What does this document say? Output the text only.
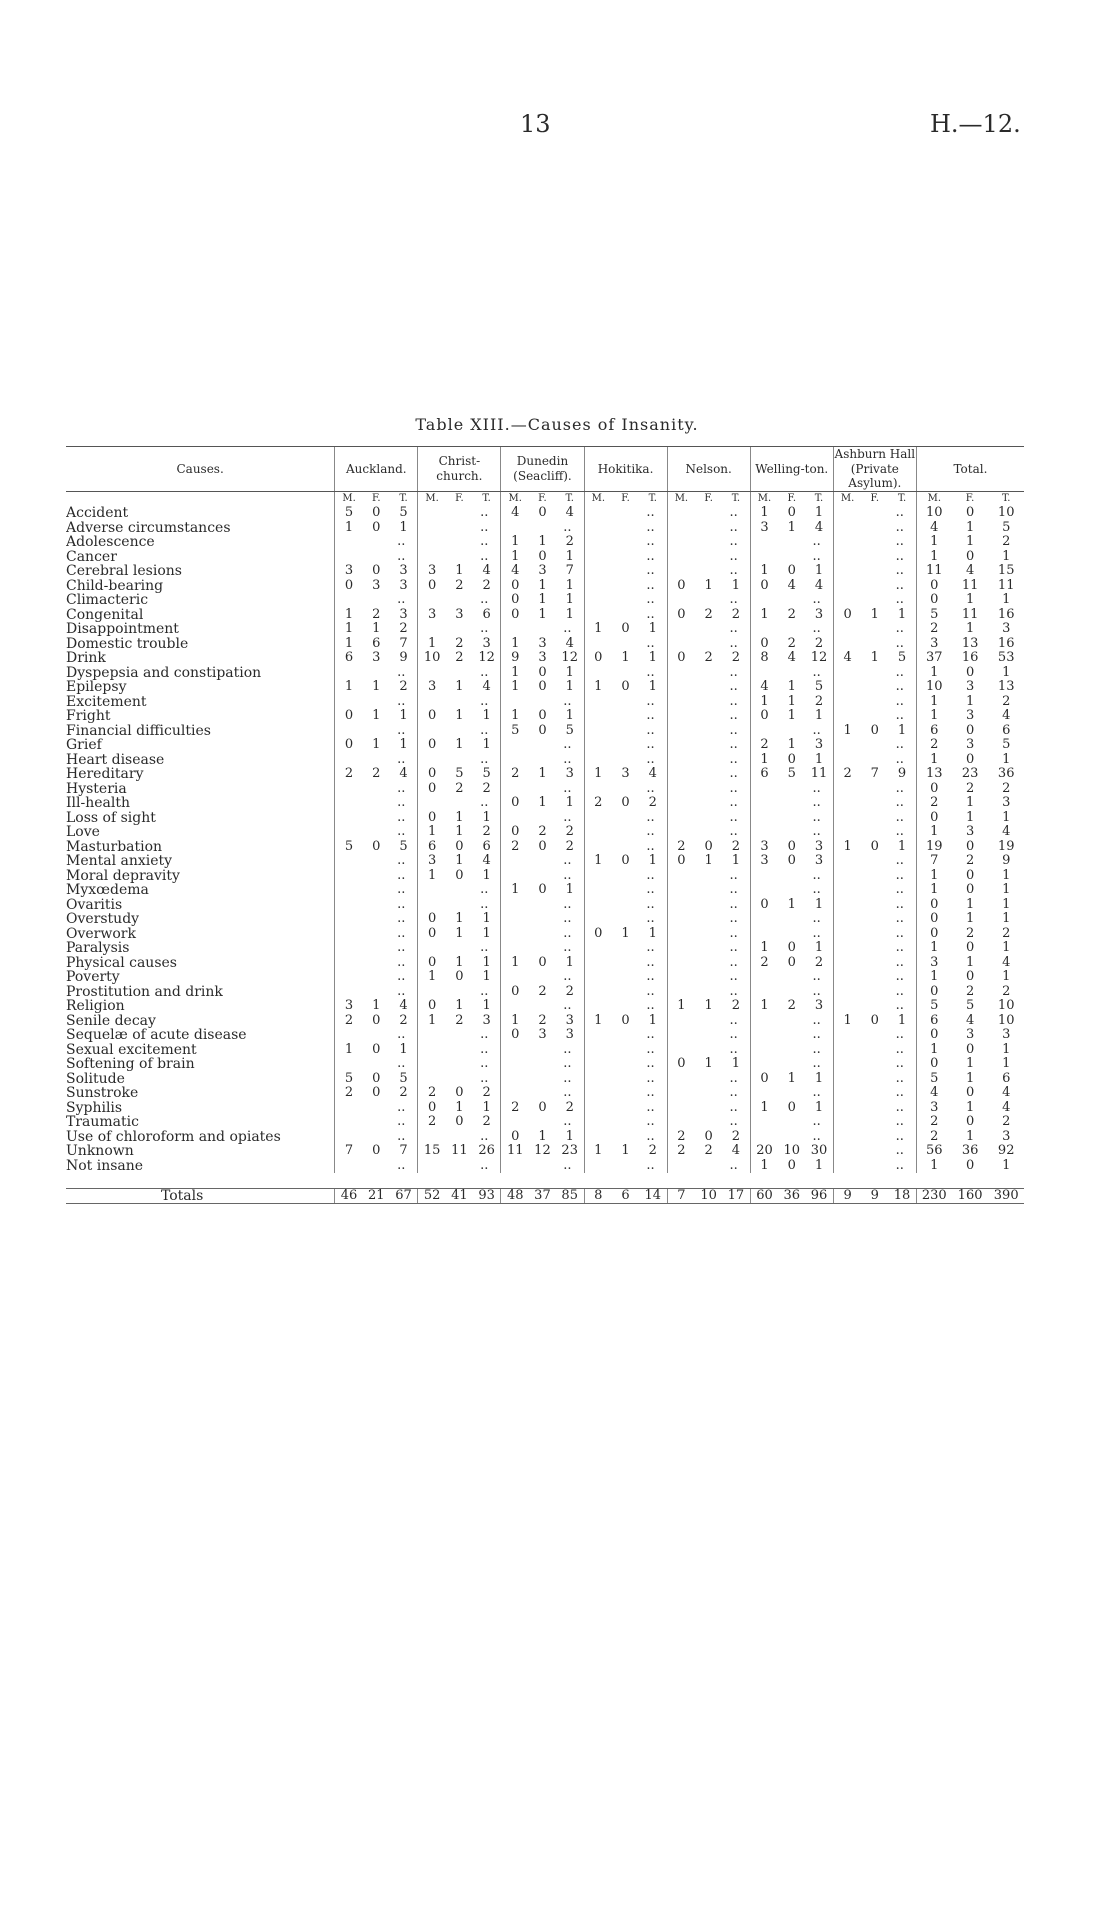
13	H.—12.
Table XIII.—Causes of Insanity.
Causes.	Auckland.			Christ-church.			Dunedin (Seacliff).			Hokitika.			Nelson.			Welling-ton.			Ashburn Hall (Private Asylum).			Total.		
	M.	F.	T.	M.	F.	T.	M.	F.	T.	M.	F.	T.	M.	F.	T.	M.	F.	T.	M.	F.	T.	M.	F.	T.
Accident	5	0	5	..			4	0	4	..			..			1	0	1	..			10	0	10
Adverse circumstances	1	0	1	..			..			..			..			3	1	4	..			4	1	5
Adolescence	..			..			1	1	2	..			..			..			..			1	1	2
Cancer	..			..			1	0	1	..			..			..			..			1	0	1
Cerebral lesions	3	0	3	3	1	4	4	3	7	..			..			1	0	1	..			11	4	15
Child-bearing	0	3	3	0	2	2	0	1	1	..			0	1	1	0	4	4	..			0	11	11
Climacteric	..			..			0	1	1	..			..			..			..			0	1	1
Congenital	1	2	3	3	3	6	0	1	1	..			0	2	2	1	2	3	0	1	1	5	11	16
Disappointment	1	1	2	..			..			1	0	1	..			..			..			2	1	3
Domestic trouble	1	6	7	1	2	3	1	3	4	..			..			0	2	2	..			3	13	16
Drink	6	3	9	10	2	12	9	3	12	0	1	1	0	2	2	8	4	12	4	1	5	37	16	53
Dyspepsia and constipation	..			..			1	0	1	..			..			..			..			1	0	1
Epilepsy	1	1	2	3	1	4	1	0	1	1	0	1	..			4	1	5	..			10	3	13
Excitement	..			..			..			..			..			1	1	2	..			1	1	2
Fright	0	1	1	0	1	1	1	0	1	..			..			0	1	1	..			1	3	4
Financial difficulties	..			..			5	0	5	..			..			..			1	0	1	6	0	6
Grief	0	1	1	0	1	1	..			..			..			2	1	3	..			2	3	5
Heart disease	..			..			..			..			..			1	0	1	..			1	0	1
Hereditary	2	2	4	0	5	5	2	1	3	1	3	4	..			6	5	11	2	7	9	13	23	36
Hysteria	..			0	2	2	..			..			..			..			..			0	2	2
Ill-health	..			..			0	1	1	2	0	2	..			..			..			2	1	3
Loss of sight	..			0	1	1	..			..			..			..			..			0	1	1
Love	..			1	1	2	0	2	2	..			..			..			..			1	3	4
Masturbation	5	0	5	6	0	6	2	0	2	..			2	0	2	3	0	3	1	0	1	19	0	19
Mental anxiety	..			3	1	4	..			1	0	1	0	1	1	3	0	3	..			7	2	9
Moral depravity	..			1	0	1	..			..			..			..			..			1	0	1
Myxœdema	..			..			1	0	1	..			..			..			..			1	0	1
Ovaritis	..			..			..			..			..			0	1	1	..			0	1	1
Overstudy	..			0	1	1	..			..			..			..			..			0	1	1
Overwork	..			0	1	1	..			0	1	1	..			..			..			0	2	2
Paralysis	..			..			..			..			..			1	0	1	..			1	0	1
Physical causes	..			0	1	1	1	0	1	..			..			2	0	2	..			3	1	4
Poverty	..			1	0	1	..			..			..			..			..			1	0	1
Prostitution and drink	..			..			0	2	2	..			..			..			..			0	2	2
Religion	3	1	4	0	1	1	..			..			1	1	2	1	2	3	..			5	5	10
Senile decay	2	0	2	1	2	3	1	2	3	1	0	1	..			..			1	0	1	6	4	10
Sequelæ of acute disease	..			..			0	3	3	..			..			..			..			0	3	3
Sexual excitement	1	0	1	..			..			..			..			..			..			1	0	1
Softening of brain	..			..			..			..			0	1	1	..			..			0	1	1
Solitude	5	0	5	..			..			..			..			0	1	1	..			5	1	6
Sunstroke	2	0	2	2	0	2	..			..			..			..			..			4	0	4
Syphilis	..			0	1	1	2	0	2	..			..			1	0	1	..			3	1	4
Traumatic	..			2	0	2	..			..			..			..			..			2	0	2
Use of chloroform and opiates	..			..			0	1	1	..			2	0	2	..			..			2	1	3
Unknown	7	0	7	15	11	26	11	12	23	1	1	2	2	2	4	20	10	30	..			56	36	92
Not insane	..			..			..			..			..			1	0	1	..			1	0	1

Totals	46	21	67	52	41	93	48	37	85	8	6	14	7	10	17	60	36	96	9	9	18	230	160	390
